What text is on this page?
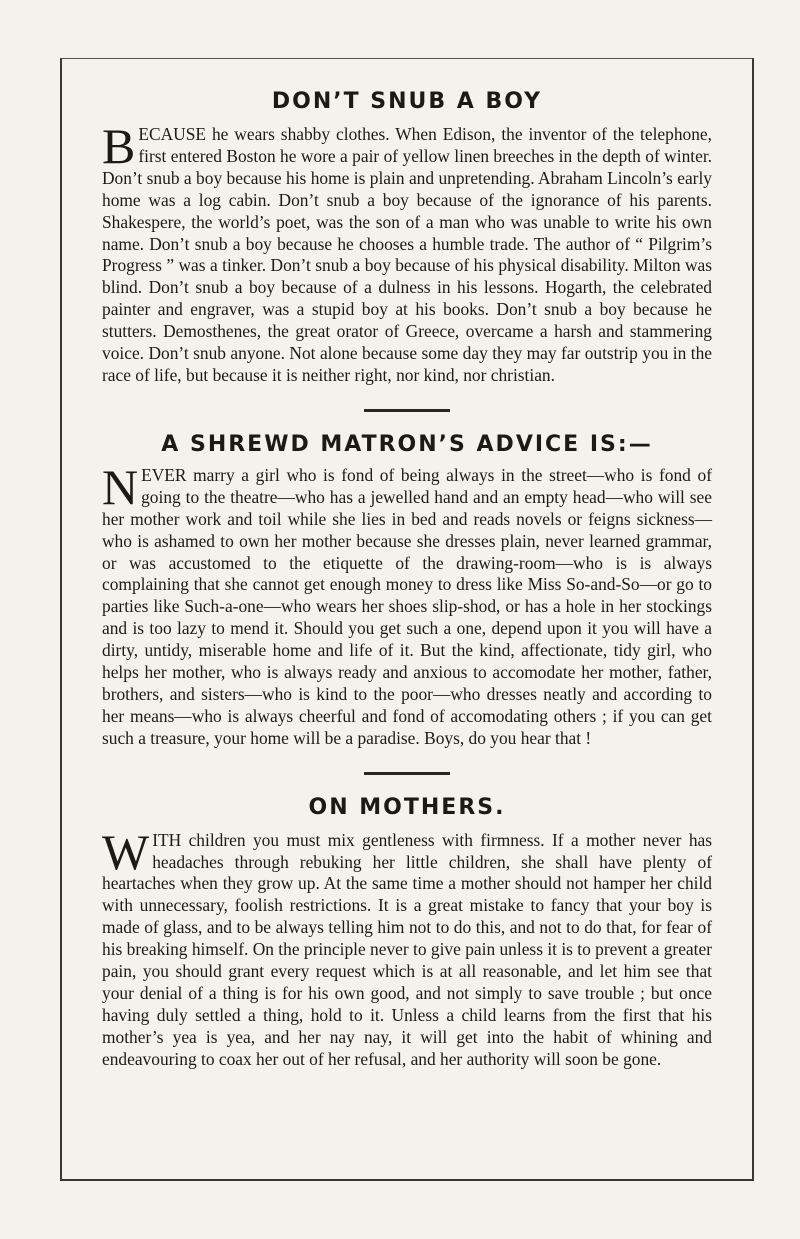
DON’T SNUB A BOY

BECAUSE he wears shabby clothes. When Edison, the inventor of the telephone, first entered Boston he wore a pair of yellow linen breeches in the depth of winter. Don’t snub a boy because his home is plain and unpretending. Abraham Lincoln’s early home was a log cabin. Don’t snub a boy because of the ignorance of his parents. Shakespere, the world’s poet, was the son of a man who was unable to write his own name. Don’t snub a boy because he chooses a humble trade. The author of “ Pilgrim’s Progress ” was a tinker. Don’t snub a boy because of his physical disability. Milton was blind. Don’t snub a boy because of a dulness in his lessons. Hogarth, the celebrated painter and engraver, was a stupid boy at his books. Don’t snub a boy because he stutters. Demosthenes, the great orator of Greece, overcame a harsh and stammering voice. Don’t snub anyone. Not alone because some day they may far outstrip you in the race of life, but because it is neither right, nor kind, nor christian.

A SHREWD MATRON’S ADVICE IS:—

NEVER marry a girl who is fond of being always in the street—who is fond of going to the theatre—who has a jewelled hand and an empty head—who will see her mother work and toil while she lies in bed and reads novels or feigns sickness—who is ashamed to own her mother because she dresses plain, never learned grammar, or was accustomed to the etiquette of the drawing-room—who is is always complaining that she cannot get enough money to dress like Miss So-and-So—or go to parties like Such-a-one—who wears her shoes slip-shod, or has a hole in her stockings and is too lazy to mend it. Should you get such a one, depend upon it you will have a dirty, untidy, miserable home and life of it. But the kind, affectionate, tidy girl, who helps her mother, who is always ready and anxious to accomodate her mother, father, brothers, and sisters—who is kind to the poor—who dresses neatly and according to her means—who is always cheerful and fond of accomodating others ; if you can get such a treasure, your home will be a paradise. Boys, do you hear that !

ON MOTHERS.

WITH children you must mix gentleness with firmness. If a mother never has headaches through rebuking her little children, she shall have plenty of heartaches when they grow up. At the same time a mother should not hamper her child with unnecessary, foolish restrictions. It is a great mistake to fancy that your boy is made of glass, and to be always telling him not to do this, and not to do that, for fear of his breaking himself. On the principle never to give pain unless it is to prevent a greater pain, you should grant every request which is at all reasonable, and let him see that your denial of a thing is for his own good, and not simply to save trouble ; but once having duly settled a thing, hold to it. Unless a child learns from the first that his mother’s yea is yea, and her nay nay, it will get into the habit of whining and endeavouring to coax her out of her refusal, and her authority will soon be gone.
